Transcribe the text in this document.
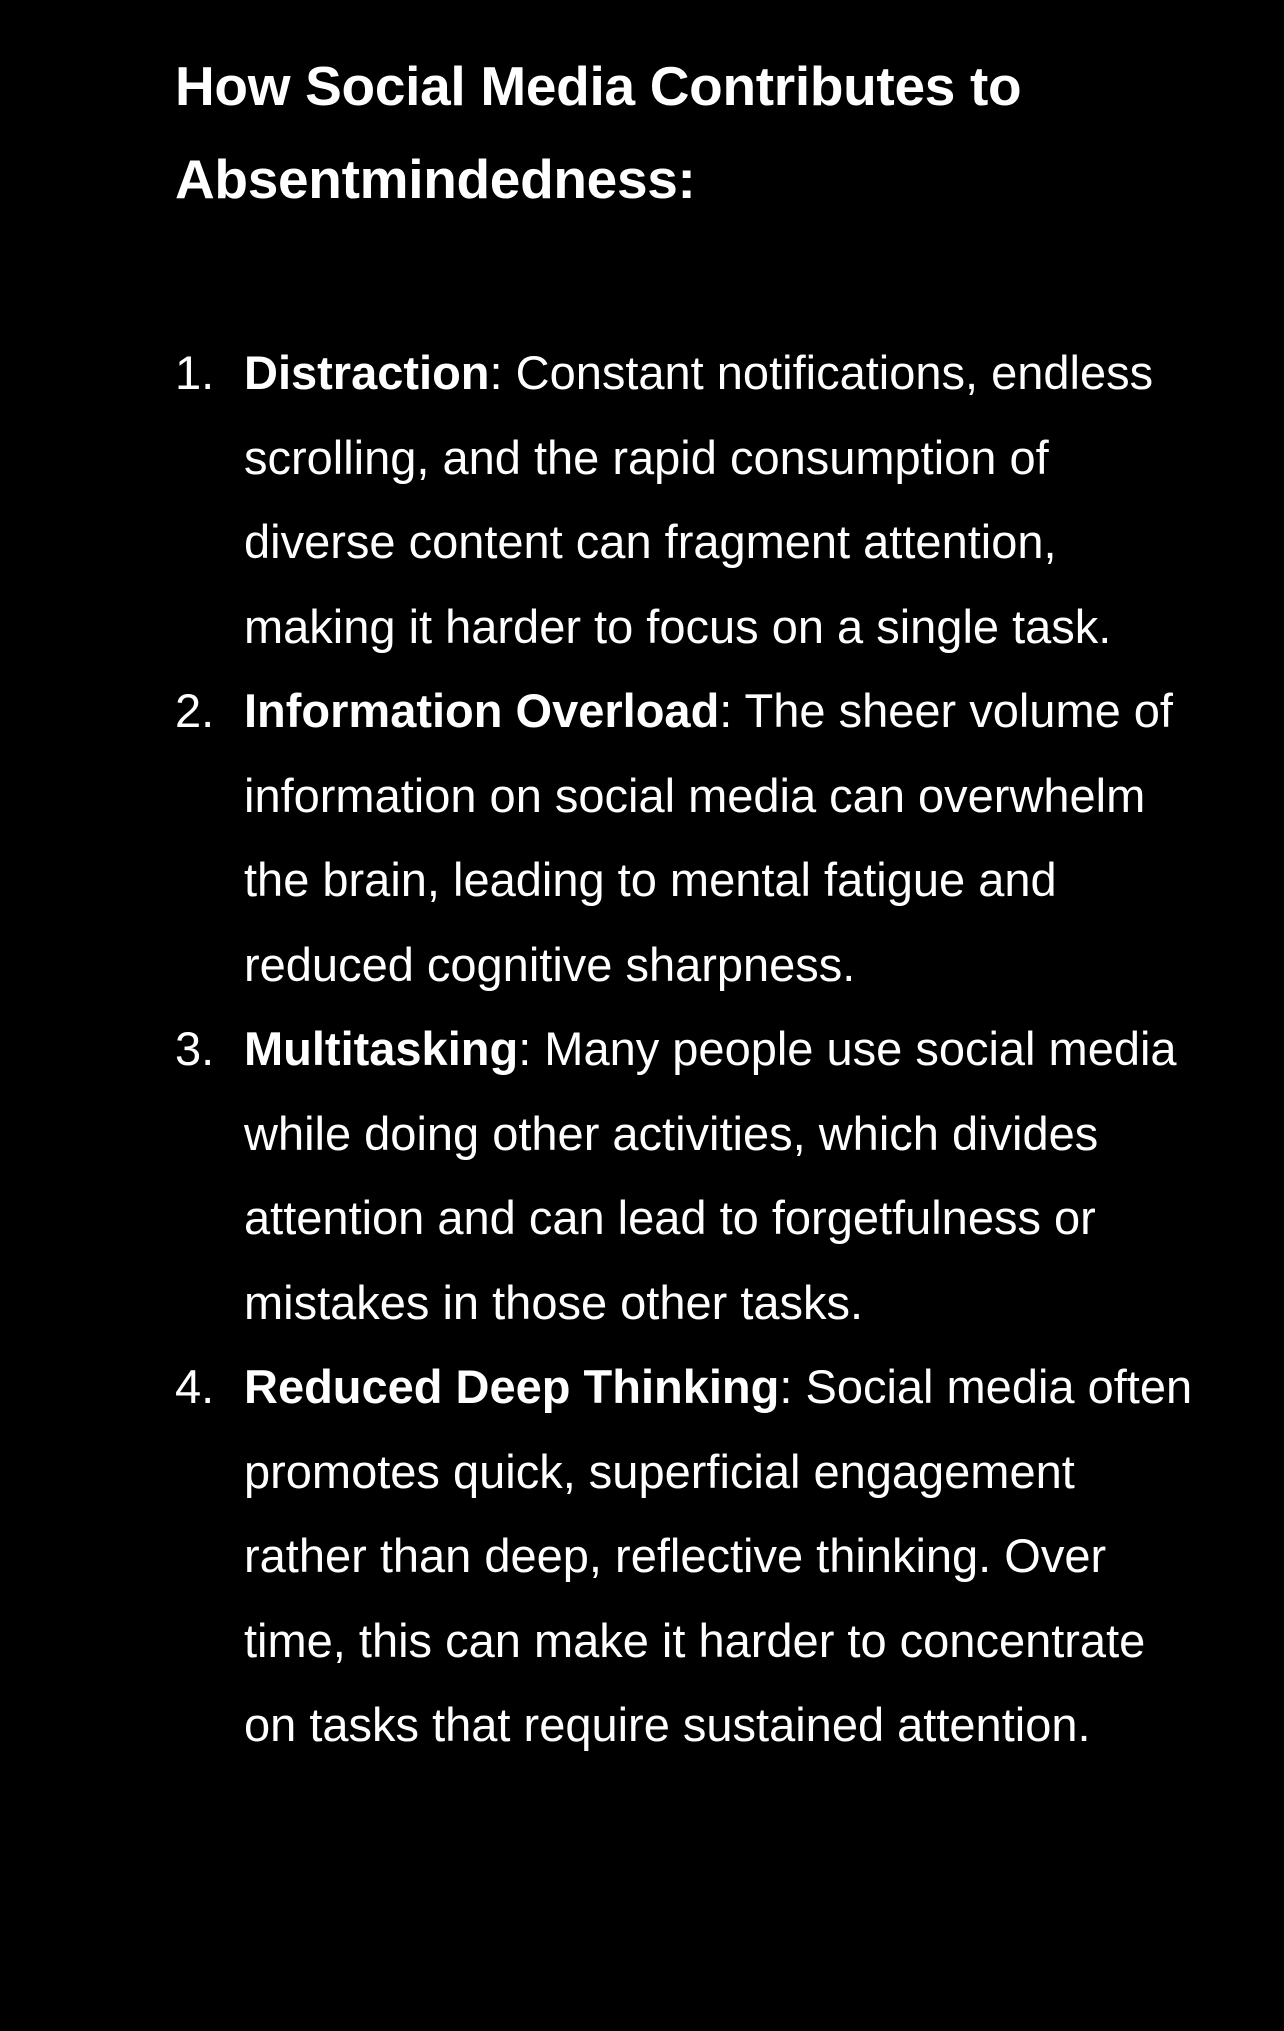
How Social Media Contributes to Absentmindedness:
1. Distraction: Constant notifications, endless scrolling, and the rapid consumption of diverse content can fragment attention, making it harder to focus on a single task.
2. Information Overload: The sheer volume of information on social media can overwhelm the brain, leading to mental fatigue and reduced cognitive sharpness.
3. Multitasking: Many people use social media while doing other activities, which divides attention and can lead to forgetfulness or mistakes in those other tasks.
4. Reduced Deep Thinking: Social media often promotes quick, superficial engagement rather than deep, reflective thinking. Over time, this can make it harder to concentrate on tasks that require sustained attention.
